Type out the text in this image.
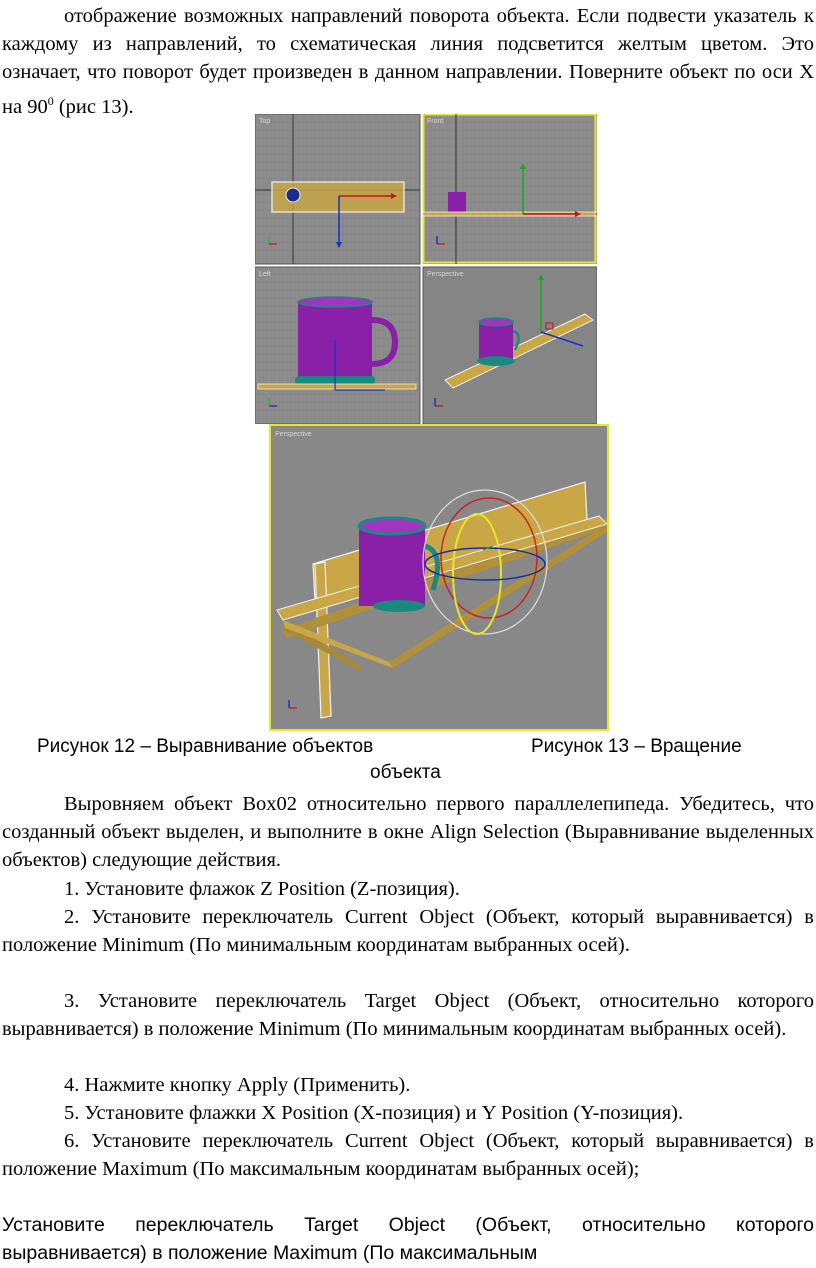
отображение возможных направлений поворота объекта. Если подвести указатель к каждому из направлений, то схематическая линия подсветится желтым цветом. Это означает, что поворот будет произведен в данном направлении. Поверните объект по оси X на $90^0$ (рис 13).

Top	Front
Left	Perspective
Perspective
Рисунок 12 – Выравнивание объектов	Рисунок 13 – Вращение
объекта

Выровняем объект Box02 относительно первого параллелепипеда. Убедитесь, что созданный объект выделен, и выполните в окне Align Selection (Выравнивание выделенных объектов) следующие действия.

1. Установите флажок Z Position (Z-позиция).

2. Установите переключатель Current Object (Объект, который выравнивается) в положение Minimum (По минимальным координатам выбранных осей).

3. Установите переключатель Target Object (Объект, относительно которого выравнивается) в положение Minimum (По минимальным координатам выбранных осей).

4. Нажмите кнопку Apply (Применить).
5. Установите флажки X Position (X-позиция) и Y Position (Y-позиция).

6. Установите переключатель Current Object (Объект, который выравнивается) в положение Maximum (По максимальным координатам выбранных осей);

Установите переключатель Target Object (Объект, относительно которого выравнивается) в положение Maximum (По максимальным
